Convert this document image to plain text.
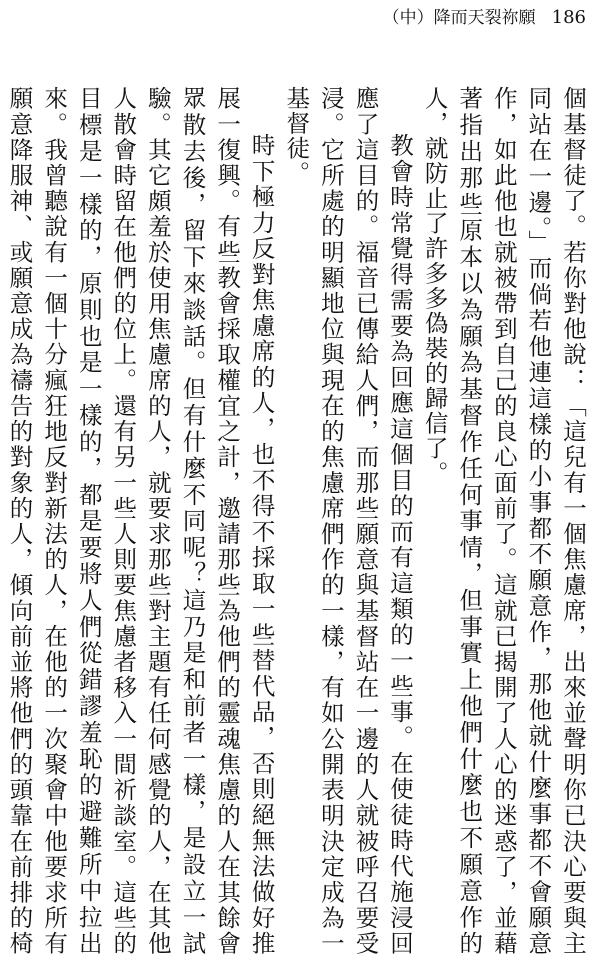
（中）降而天裂祢願 186

個基督徒了。若你對他說：「這兒有一個焦慮席，出來並聲明你已決心要與主同站在一邊。」而倘若他連這樣的小事都不願意作，那他就什麼事都不會願意作，如此他也就被帶到自己的良心面前了。這就已揭開了人心的迷惑了，並藉著指出那些原本以為願為基督作任何事情，但事實上他們什麼也不願意作的人，就防止了許多多偽裝的歸信了。

教會時常覺得需要為回應這個目的而有這類的一些事。在使徒時代施浸回應了這目的。福音已傳給人們，而那些願意與基督站在一邊的人就被呼召要受浸。它所處的明顯地位與現在的焦慮席們作的一樣，有如公開表明決定成為一基督徒。

時下極力反對焦慮席的人，也不得不採取一些替代品，否則絕無法做好推展一復興。有些教會採取權宜之計，邀請那些為他們的靈魂焦慮的人在其餘會眾散去後，留下來談話。但有什麼不同呢？這乃是和前者一樣，是設立一試驗。其它頗羞於使用焦慮席的人，就要求那些對主題有任何感覺的人，在其他人散會時留在他們的位上。還有另一些人則要焦慮者移入一間祈談室。這些的目標是一樣的，原則也是一樣的，都是要將人們從錯謬羞恥的避難所中拉出來。我曾聽說有一個十分瘋狂地反對新法的人，在他的一次聚會中他要求所有願意降服神、或願意成為禱告的對象的人，傾向前並將他們的頭靠在前排的椅
